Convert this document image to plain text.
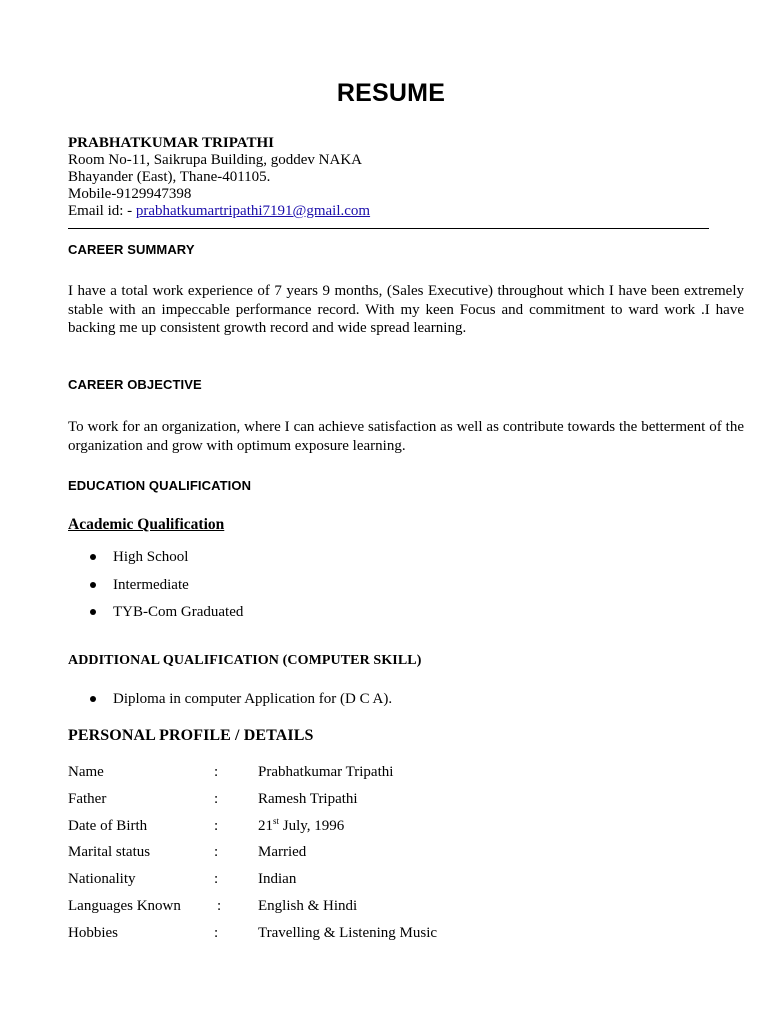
RESUME
PRABHATKUMAR TRIPATHI
Room No-11, Saikrupa Building, goddev NAKA
Bhayander (East), Thane-401105.
Mobile-9129947398
Email id: - prabhatkumartripathi7191@gmail.com
CAREER SUMMARY
I have a total work experience of 7 years 9 months, (Sales Executive) throughout which I have been extremely stable with an impeccable performance record. With my keen Focus and commitment to ward work .I have backing me up consistent growth record and wide spread learning.
CAREER OBJECTIVE
To work for an organization, where I can achieve satisfaction as well as contribute towards the betterment of the organization and grow with optimum exposure learning.
EDUCATION QUALIFICATION
Academic Qualification
High School
Intermediate
TYB-Com Graduated
ADDITIONAL QUALIFICATION (COMPUTER SKILL)
Diploma in computer Application for (D C A).
PERSONAL PROFILE / DETAILS
Name	:	Prabhatkumar Tripathi
Father	:	Ramesh Tripathi
Date of Birth	:	21st July, 1996
Marital status	:	Married
Nationality	:	Indian
Languages Known : English & Hindi
Hobbies	:	Travelling & Listening Music
